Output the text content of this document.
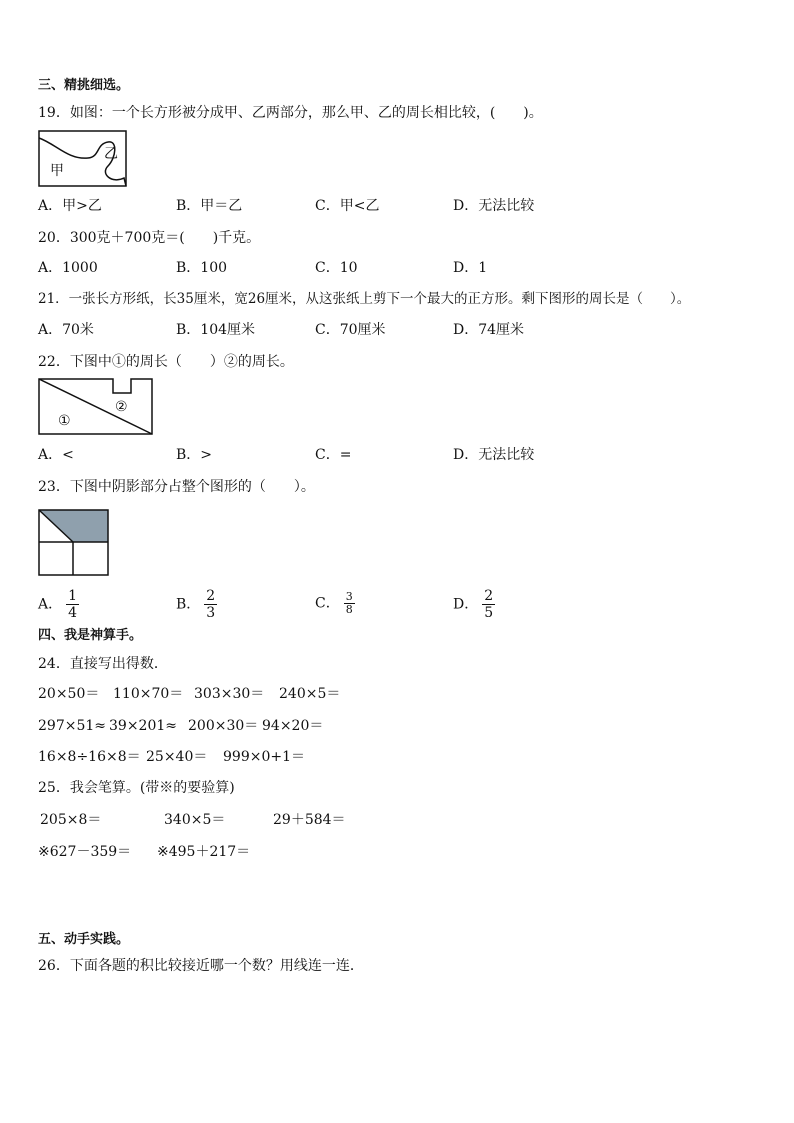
三、精挑细选。
19．如图：一个长方形被分成甲、乙两部分，那么甲、乙的周长相比较，(　　)。
甲
乙
A．甲>乙	B．甲＝乙	C．甲<乙	D．无法比较
20．300克＋700克＝(　　)千克。
A．1000	B．100	C．10	D．1
21．一张长方形纸，长35厘米，宽26厘米，从这张纸上剪下一个最大的正方形。剩下图形的周长是（　　）。
A．70米	B．104厘米	C．70厘米	D．74厘米
22．下图中①的周长（　　）②的周长。
①
②
A．<	B．>	C．=	D．无法比较
23．下图中阴影部分占整个图形的（　　）。
A． $\frac{1}{4}$	B． $\frac{2}{3}$	C． $\frac{3}{8}$	D． $\frac{2}{5}$
四、我是神算手。
24．直接写出得数．
20×50＝ 110×70＝ 303×30＝ 240×5＝
297×51≈ 39×201≈ 200×30＝ 94×20＝
16×8÷16×8＝ 25×40＝ 999×0+1＝
25．我会笔算。(带※的要验算)
205×8＝	340×5＝	29＋584＝
※627－359＝ ※495＋217＝
五、动手实践。
26．下面各题的积比较接近哪一个数？用线连一连．
